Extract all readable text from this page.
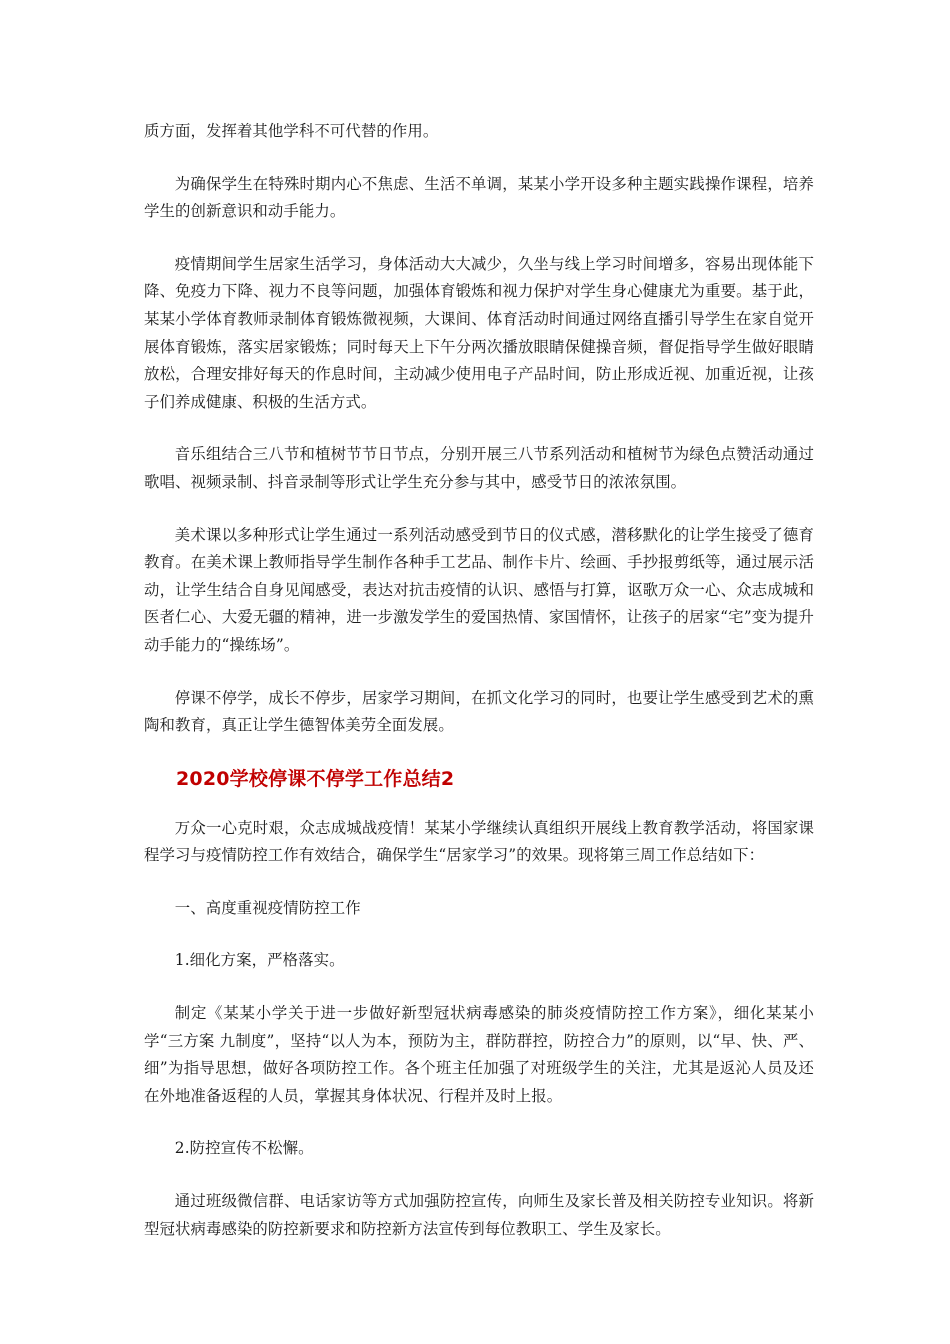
质方面，发挥着其他学科不可代替的作用。

为确保学生在特殊时期内心不焦虑、生活不单调，某某小学开设多种主题实践操作课程，培养学生的创新意识和动手能力。

疫情期间学生居家生活学习，身体活动大大减少，久坐与线上学习时间增多，容易出现体能下降、免疫力下降、视力不良等问题，加强体育锻炼和视力保护对学生身心健康尤为重要。基于此，某某小学体育教师录制体育锻炼微视频，大课间、体育活动时间通过网络直播引导学生在家自觉开展体育锻炼，落实居家锻炼；同时每天上下午分两次播放眼睛保健操音频，督促指导学生做好眼睛放松，合理安排好每天的作息时间，主动减少使用电子产品时间，防止形成近视、加重近视，让孩子们养成健康、积极的生活方式。

音乐组结合三八节和植树节节日节点，分别开展三八节系列活动和植树节为绿色点赞活动通过歌唱、视频录制、抖音录制等形式让学生充分参与其中，感受节日的浓浓氛围。

美术课以多种形式让学生通过一系列活动感受到节日的仪式感，潜移默化的让学生接受了德育教育。在美术课上教师指导学生制作各种手工艺品、制作卡片、绘画、手抄报剪纸等，通过展示活动，让学生结合自身见闻感受，表达对抗击疫情的认识、感悟与打算，讴歌万众一心、众志成城和医者仁心、大爱无疆的精神，进一步激发学生的爱国热情、家国情怀，让孩子的居家“宅”变为提升动手能力的“操练场”。

停课不停学，成长不停步，居家学习期间，在抓文化学习的同时，也要让学生感受到艺术的熏陶和教育，真正让学生德智体美劳全面发展。

2020学校停课不停学工作总结2

万众一心克时艰，众志成城战疫情！某某小学继续认真组织开展线上教育教学活动，将国家课程学习与疫情防控工作有效结合，确保学生“居家学习”的效果。现将第三周工作总结如下：

一、高度重视疫情防控工作

1.细化方案，严格落实。

制定《某某小学关于进一步做好新型冠状病毒感染的肺炎疫情防控工作方案》，细化某某小学“三方案 九制度”，坚持“以人为本，预防为主，群防群控，防控合力”的原则，以“早、快、严、细”为指导思想，做好各项防控工作。各个班主任加强了对班级学生的关注，尤其是返沁人员及还在外地准备返程的人员，掌握其身体状况、行程并及时上报。

2.防控宣传不松懈。

通过班级微信群、电话家访等方式加强防控宣传，向师生及家长普及相关防控专业知识。将新型冠状病毒感染的防控新要求和防控新方法宣传到每位教职工、学生及家长。
